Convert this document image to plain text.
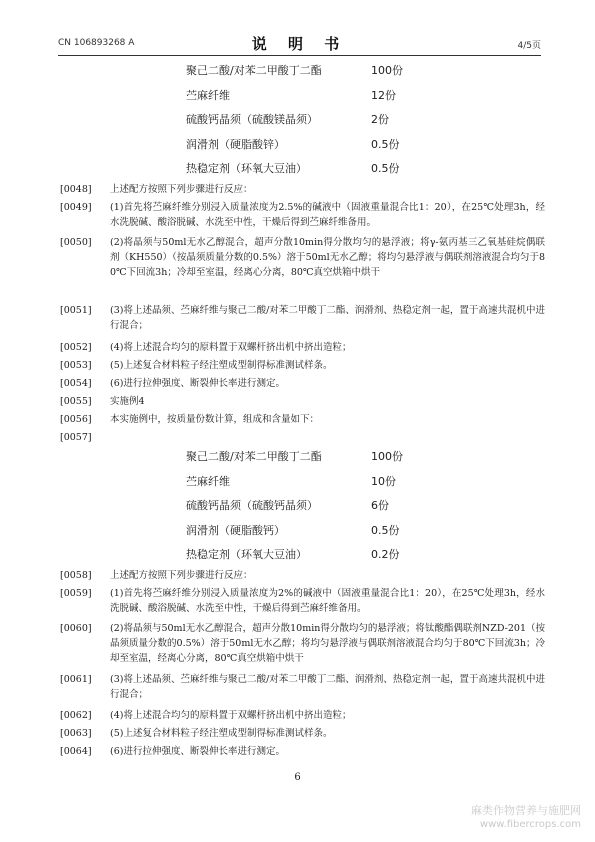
CN 106893268 A	说 明 书	4/5页
聚己二酸/对苯二甲酸丁二酯	100份
苎麻纤维	12份
硫酸钙晶须（硫酸镁晶须）	2份
润滑剂（硬脂酸锌）	0.5份
热稳定剂（环氧大豆油）	0.5份
[0048] 上述配方按照下列步骤进行反应：
[0049] (1)首先将苎麻纤维分别浸入质量浓度为2.5%的碱液中（固液重量混合比1：20），在25℃处理3h，经水洗脱碱、酸浴脱碱、水洗至中性，干燥后得到苎麻纤维备用。
[0050] (2)将晶须与50ml无水乙醇混合，超声分散10min得分散均匀的悬浮液；将γ-氨丙基三乙氧基硅烷偶联剂（KH550）（按晶须质量分数的0.5%）溶于50ml无水乙醇；将均匀悬浮液与偶联剂溶液混合均匀于80℃下回流3h；冷却至室温，经离心分离，80℃真空烘箱中烘干
[0051] (3)将上述晶须、苎麻纤维与聚己二酸/对苯二甲酸丁二酯、润滑剂、热稳定剂一起，置于高速共混机中进行混合；
[0052] (4)将上述混合均匀的原料置于双螺杆挤出机中挤出造粒；
[0053] (5)上述复合材料粒子经注塑成型制得标准测试样条。
[0054] (6)进行拉伸强度、断裂伸长率进行测定。
[0055] 实施例4
[0056] 本实施例中，按质量份数计算，组成和含量如下：
[0057]
聚己二酸/对苯二甲酸丁二酯	100份
苎麻纤维	10份
硫酸钙晶须（硫酸钙晶须）	6份
润滑剂（硬脂酸钙）	0.5份
热稳定剂（环氧大豆油）	0.2份
[0058] 上述配方按照下列步骤进行反应：
[0059] (1)首先将苎麻纤维分别浸入质量浓度为2%的碱液中（固液重量混合比1：20），在25℃处理3h，经水洗脱碱、酸浴脱碱、水洗至中性，干燥后得到苎麻纤维备用。
[0060] (2)将晶须与50ml无水乙醇混合，超声分散10min得分散均匀的悬浮液；将钛酸酯偶联剂NZD-201（按晶须质量分数的0.5%）溶于50ml无水乙醇；将均匀悬浮液与偶联剂溶液混合均匀于80℃下回流3h；冷却至室温，经离心分离，80℃真空烘箱中烘干
[0061] (3)将上述晶须、苎麻纤维与聚己二酸/对苯二甲酸丁二酯、润滑剂、热稳定剂一起，置于高速共混机中进行混合；
[0062] (4)将上述混合均匀的原料置于双螺杆挤出机中挤出造粒；
[0063] (5)上述复合材料粒子经注塑成型制得标准测试样条。
[0064] (6)进行拉伸强度、断裂伸长率进行测定。
6
麻类作物营养与施肥网
www.fibercrops.com
